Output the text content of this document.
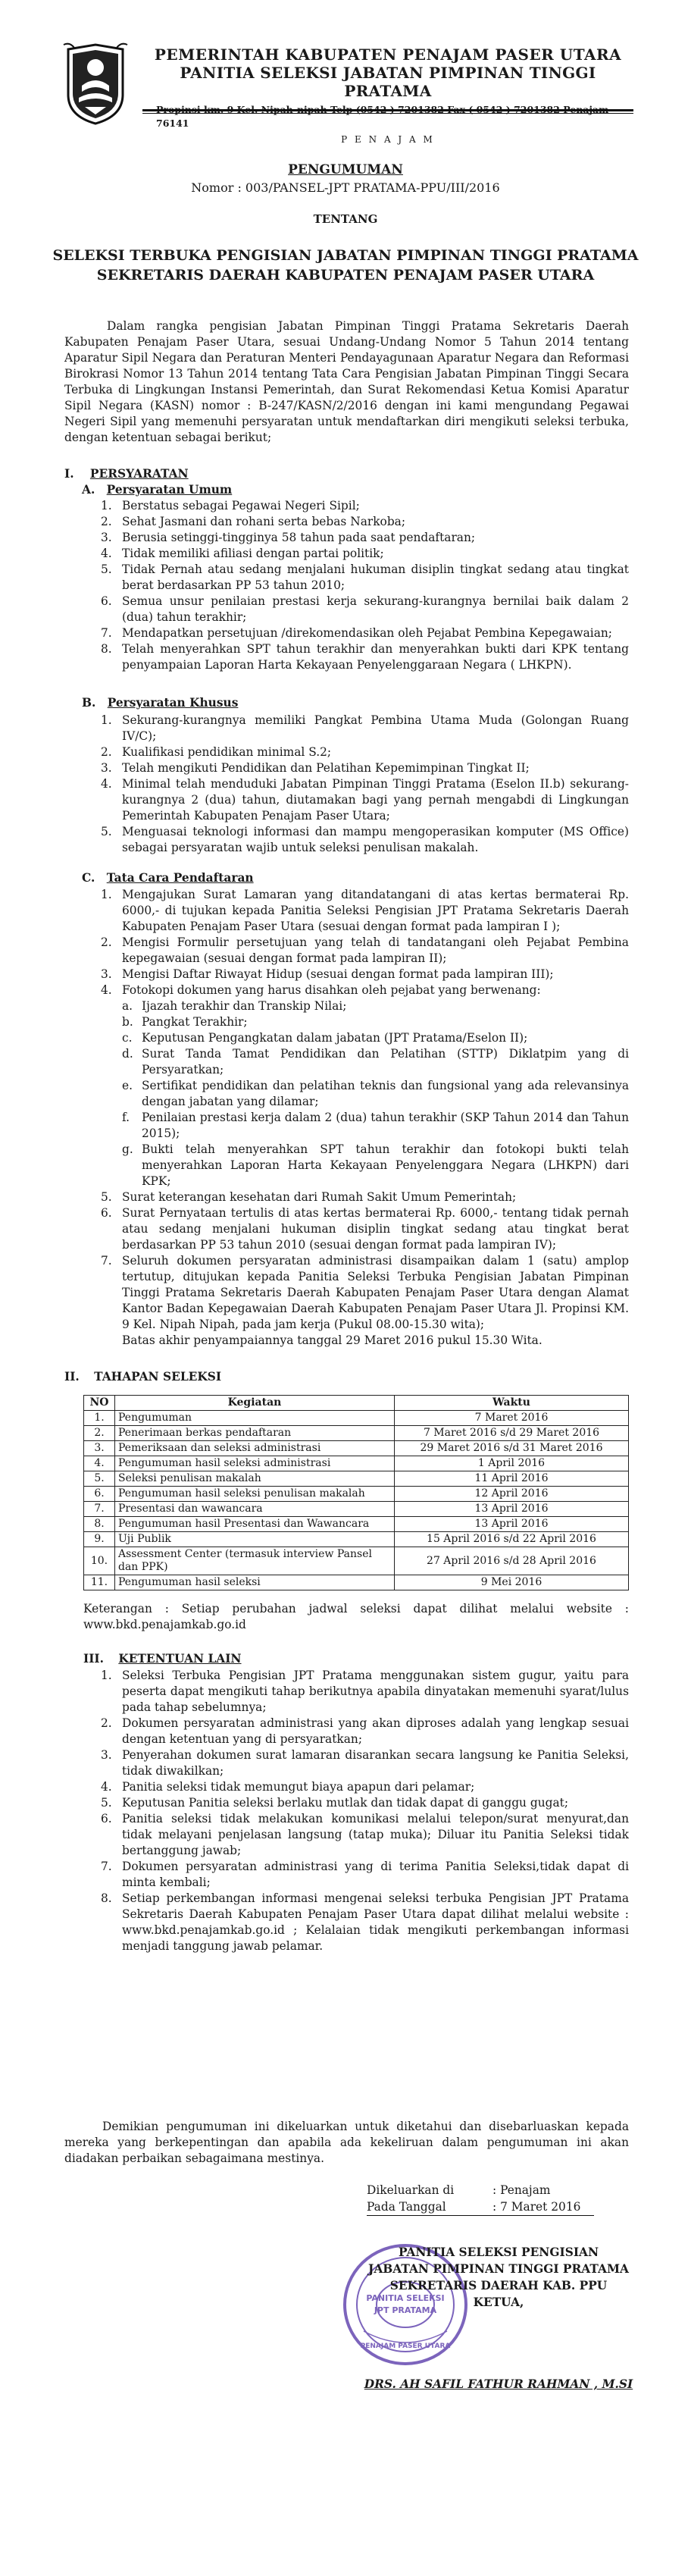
PEMERINTAH KABUPATEN PENAJAM PASER UTARA
PANITIA SELEKSI JABATAN PIMPINAN TINGGI PRATAMA
Propinsi km. 9 Kel. Nipah-nipah Telp (0542 ) 7201382 Fax ( 0542 ) 7201382 Penajam 76141
P E N A J A M
PENGUMUMAN
Nomor : 003/PANSEL-JPT PRATAMA-PPU/III/2016
TENTANG
SELEKSI TERBUKA PENGISIAN JABATAN PIMPINAN TINGGI PRATAMA
SEKRETARIS DAERAH KABUPATEN PENAJAM PASER UTARA
Dalam rangka pengisian Jabatan Pimpinan Tinggi Pratama Sekretaris Daerah Kabupaten Penajam Paser Utara, sesuai Undang-Undang Nomor 5 Tahun 2014 tentang Aparatur Sipil Negara dan Peraturan Menteri Pendayagunaan Aparatur Negara dan Reformasi Birokrasi Nomor 13 Tahun 2014 tentang Tata Cara Pengisian Jabatan Pimpinan Tinggi Secara Terbuka di Lingkungan Instansi Pemerintah, dan Surat Rekomendasi Ketua Komisi Aparatur Sipil Negara (KASN) nomor : B-247/KASN/2/2016 dengan ini kami mengundang Pegawai Negeri Sipil yang memenuhi persyaratan untuk mendaftarkan diri mengikuti seleksi terbuka, dengan ketentuan sebagai berikut;
I. PERSYARATAN
A. Persyaratan Umum
1. Berstatus sebagai Pegawai Negeri Sipil;
2. Sehat Jasmani dan rohani serta bebas Narkoba;
3. Berusia setinggi-tingginya 58 tahun pada saat pendaftaran;
4. Tidak memiliki afiliasi dengan partai politik;
5. Tidak Pernah atau sedang menjalani hukuman disiplin tingkat sedang atau tingkat berat berdasarkan PP 53 tahun 2010;
6. Semua unsur penilaian prestasi kerja sekurang-kurangnya bernilai baik dalam 2 (dua) tahun terakhir;
7. Mendapatkan persetujuan /direkomendasikan oleh Pejabat Pembina Kepegawaian;
8. Telah menyerahkan SPT tahun terakhir dan menyerahkan bukti dari KPK tentang penyampaian Laporan Harta Kekayaan Penyelenggaraan Negara ( LHKPN).
B. Persyaratan Khusus
1. Sekurang-kurangnya memiliki Pangkat Pembina Utama Muda (Golongan Ruang IV/C);
2. Kualifikasi pendidikan minimal S.2;
3. Telah mengikuti Pendidikan dan Pelatihan Kepemimpinan Tingkat II;
4. Minimal telah menduduki Jabatan Pimpinan Tinggi Pratama (Eselon II.b) sekurang-kurangnya 2 (dua) tahun, diutamakan bagi yang pernah mengabdi di Lingkungan Pemerintah Kabupaten Penajam Paser Utara;
5. Menguasai teknologi informasi dan mampu mengoperasikan komputer (MS Office) sebagai persyaratan wajib untuk seleksi penulisan makalah.
C. Tata Cara Pendaftaran
1. Mengajukan Surat Lamaran yang ditandatangani di atas kertas bermaterai Rp. 6000,- di tujukan kepada Panitia Seleksi Pengisian JPT Pratama Sekretaris Daerah Kabupaten Penajam Paser Utara (sesuai dengan format pada lampiran I );
2. Mengisi Formulir persetujuan yang telah di tandatangani oleh Pejabat Pembina kepegawaian (sesuai dengan format pada lampiran II);
3. Mengisi Daftar Riwayat Hidup (sesuai dengan format pada lampiran III);
4. Fotokopi dokumen yang harus disahkan oleh pejabat yang berwenang:
a. Ijazah terakhir dan Transkip Nilai;
b. Pangkat Terakhir;
c. Keputusan Pengangkatan dalam jabatan (JPT Pratama/Eselon II);
d. Surat Tanda Tamat Pendidikan dan Pelatihan (STTP) Diklatpim yang di Persyaratkan;
e. Sertifikat pendidikan dan pelatihan teknis dan fungsional yang ada relevansinya dengan jabatan yang dilamar;
f. Penilaian prestasi kerja dalam 2 (dua) tahun terakhir (SKP Tahun 2014 dan Tahun 2015);
g. Bukti telah menyerahkan SPT tahun terakhir dan fotokopi bukti telah menyerahkan Laporan Harta Kekayaan Penyelenggara Negara (LHKPN) dari KPK;
5. Surat keterangan kesehatan dari Rumah Sakit Umum Pemerintah;
6. Surat Pernyataan tertulis di atas kertas bermaterai Rp. 6000,- tentang tidak pernah atau sedang menjalani hukuman disiplin tingkat sedang atau tingkat berat berdasarkan PP 53 tahun 2010 (sesuai dengan format pada lampiran IV);
7. Seluruh dokumen persyaratan administrasi disampaikan dalam 1 (satu) amplop tertutup, ditujukan kepada Panitia Seleksi Terbuka Pengisian Jabatan Pimpinan Tinggi Pratama Sekretaris Daerah Kabupaten Penajam Paser Utara dengan Alamat Kantor Badan Kepegawaian Daerah Kabupaten Penajam Paser Utara Jl. Propinsi KM. 9 Kel. Nipah Nipah, pada jam kerja (Pukul 08.00-15.30 wita);
Batas akhir penyampaiannya tanggal 29 Maret 2016 pukul 15.30 Wita.
II. TAHAPAN SELEKSI
NO	Kegiatan	Waktu
1.	Pengumuman	7 Maret 2016
2.	Penerimaan berkas pendaftaran	7 Maret 2016 s/d 29 Maret 2016
3.	Pemeriksaan dan seleksi administrasi	29 Maret 2016 s/d 31 Maret 2016
4.	Pengumuman hasil seleksi administrasi	1 April 2016
5.	Seleksi penulisan makalah	11 April 2016
6.	Pengumuman hasil seleksi penulisan makalah	12 April 2016
7.	Presentasi dan wawancara	13 April 2016
8.	Pengumuman hasil Presentasi dan Wawancara	13 April 2016
9.	Uji Publik	15 April 2016 s/d 22 April 2016
10.	Assessment Center (termasuk interview Pansel dan PPK)	27 April 2016 s/d 28 April 2016
11.	Pengumuman hasil seleksi	9 Mei 2016
Keterangan : Setiap perubahan jadwal seleksi dapat dilihat melalui website : www.bkd.penajamkab.go.id
III. KETENTUAN LAIN
1. Seleksi Terbuka Pengisian JPT Pratama menggunakan sistem gugur, yaitu para peserta dapat mengikuti tahap berikutnya apabila dinyatakan memenuhi syarat/lulus pada tahap sebelumnya;
2. Dokumen persyaratan administrasi yang akan diproses adalah yang lengkap sesuai dengan ketentuan yang di persyaratkan;
3. Penyerahan dokumen surat lamaran disarankan secara langsung ke Panitia Seleksi, tidak diwakilkan;
4. Panitia seleksi tidak memungut biaya apapun dari pelamar;
5. Keputusan Panitia seleksi berlaku mutlak dan tidak dapat di ganggu gugat;
6. Panitia seleksi tidak melakukan komunikasi melalui telepon/surat menyurat,dan tidak melayani penjelasan langsung (tatap muka); Diluar itu Panitia Seleksi tidak bertanggung jawab;
7. Dokumen persyaratan administrasi yang di terima Panitia Seleksi,tidak dapat di minta kembali;
8. Setiap perkembangan informasi mengenai seleksi terbuka Pengisian JPT Pratama Sekretaris Daerah Kabupaten Penajam Paser Utara dapat dilihat melalui website : www.bkd.penajamkab.go.id ; Kelalaian tidak mengikuti perkembangan informasi menjadi tanggung jawab pelamar.
Demikian pengumuman ini dikeluarkan untuk diketahui dan disebarluaskan kepada mereka yang berkepentingan dan apabila ada kekeliruan dalam pengumuman ini akan diadakan perbaikan sebagaimana mestinya.
Dikeluarkan di	: Penajam
Pada Tanggal	: 7 Maret 2016
PANITIA SELEKSI
JPT PRATAMA
PENAJAM PASER UTARA
PANITIA SELEKSI PENGISIAN
JABATAN PIMPINAN TINGGI PRATAMA
SEKRETARIS DAERAH KAB. PPU
KETUA,
DRS. AH SAFIL FATHUR RAHMAN , M.SI
